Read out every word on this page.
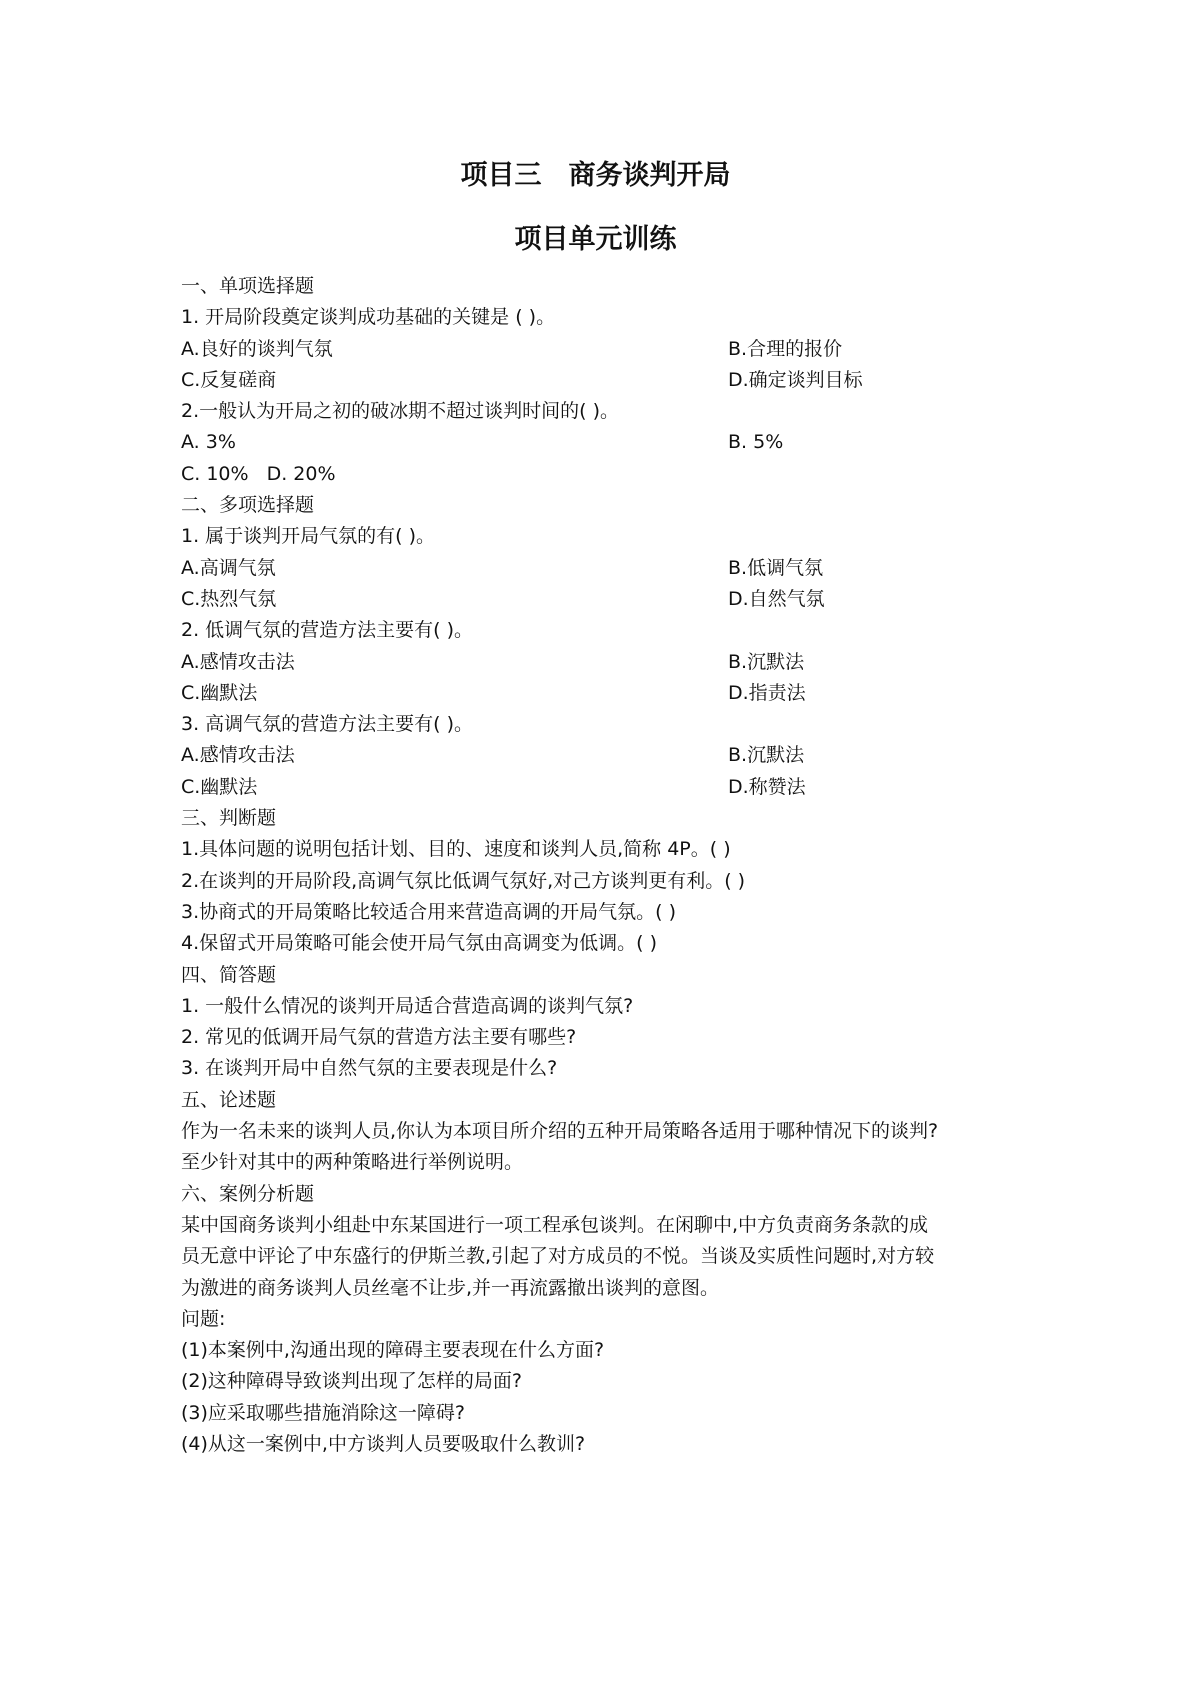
项目三　商务谈判开局
项目单元训练
一、单项选择题
1. 开局阶段奠定谈判成功基础的关键是 ( )。
A.良好的谈判气氛	B.合理的报价
C.反复磋商	D.确定谈判目标
2.一般认为开局之初的破冰期不超过谈判时间的( )。
A. 3%	B. 5%
C. 10% D. 20%
二、多项选择题
1. 属于谈判开局气氛的有( )。
A.高调气氛	B.低调气氛
C.热烈气氛	D.自然气氛
2. 低调气氛的营造方法主要有( )。
A.感情攻击法	B.沉默法
C.幽默法	D.指责法
3. 高调气氛的营造方法主要有( )。
A.感情攻击法	B.沉默法
C.幽默法	D.称赞法
三、判断题
1.具体问题的说明包括计划、目的、速度和谈判人员,简称 4P。( )
2.在谈判的开局阶段,高调气氛比低调气氛好,对己方谈判更有利。( )
3.协商式的开局策略比较适合用来营造高调的开局气氛。( )
4.保留式开局策略可能会使开局气氛由高调变为低调。( )
四、简答题
1. 一般什么情况的谈判开局适合营造高调的谈判气氛?
2. 常见的低调开局气氛的营造方法主要有哪些?
3. 在谈判开局中自然气氛的主要表现是什么?
五、论述题
作为一名未来的谈判人员,你认为本项目所介绍的五种开局策略各适用于哪种情况下的谈判?
至少针对其中的两种策略进行举例说明。
六、案例分析题
某中国商务谈判小组赴中东某国进行一项工程承包谈判。在闲聊中,中方负责商务条款的成
员无意中评论了中东盛行的伊斯兰教,引起了对方成员的不悦。当谈及实质性问题时,对方较
为激进的商务谈判人员丝毫不让步,并一再流露撤出谈判的意图。
问题:
(1)本案例中,沟通出现的障碍主要表现在什么方面?
(2)这种障碍导致谈判出现了怎样的局面?
(3)应采取哪些措施消除这一障碍?
(4)从这一案例中,中方谈判人员要吸取什么教训?
